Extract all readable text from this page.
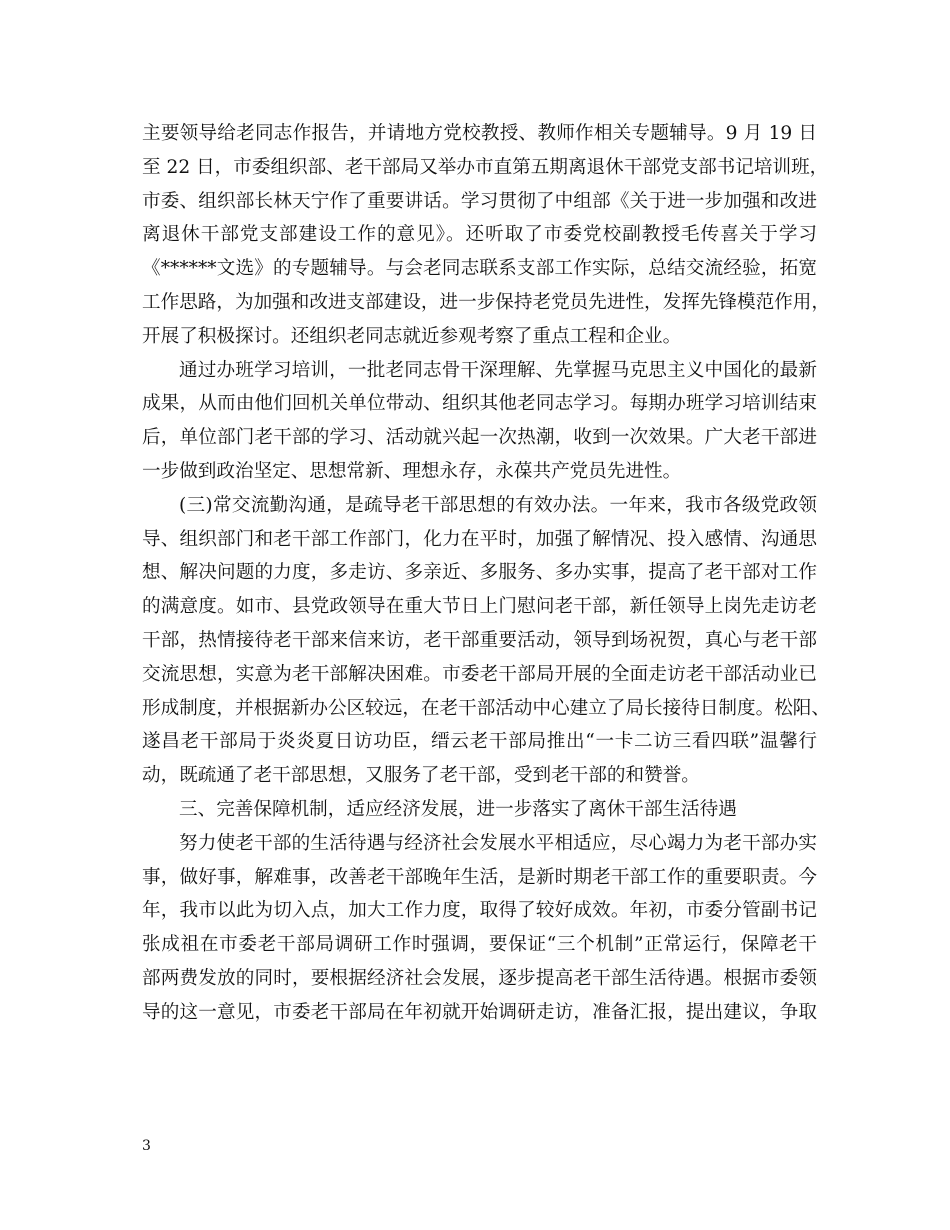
主要领导给老同志作报告，并请地方党校教授、教师作相关专题辅导。9 月 19 日
至 22 日，市委组织部、老干部局又举办市直第五期离退休干部党支部书记培训班，
市委、组织部长林天宁作了重要讲话。学习贯彻了中组部《关于进一步加强和改进
离退休干部党支部建设工作的意见》。还听取了市委党校副教授毛传喜关于学习
《******文选》的专题辅导。与会老同志联系支部工作实际，总结交流经验，拓宽
工作思路，为加强和改进支部建设，进一步保持老党员先进性，发挥先锋模范作用，
开展了积极探讨。还组织老同志就近参观考察了重点工程和企业。
通过办班学习培训，一批老同志骨干深理解、先掌握马克思主义中国化的最新
成果，从而由他们回机关单位带动、组织其他老同志学习。每期办班学习培训结束
后，单位部门老干部的学习、活动就兴起一次热潮，收到一次效果。广大老干部进
一步做到政治坚定、思想常新、理想永存，永葆共产党员先进性。
(三)常交流勤沟通，是疏导老干部思想的有效办法。一年来，我市各级党政领
导、组织部门和老干部工作部门，化力在平时，加强了解情况、投入感情、沟通思
想、解决问题的力度，多走访、多亲近、多服务、多办实事，提高了老干部对工作
的满意度。如市、县党政领导在重大节日上门慰问老干部，新任领导上岗先走访老
干部，热情接待老干部来信来访，老干部重要活动，领导到场祝贺，真心与老干部
交流思想，实意为老干部解决困难。市委老干部局开展的全面走访老干部活动业已
形成制度，并根据新办公区较远，在老干部活动中心建立了局长接待日制度。松阳、
遂昌老干部局于炎炎夏日访功臣，缙云老干部局推出“一卡二访三看四联”温馨行
动，既疏通了老干部思想，又服务了老干部，受到老干部的和赞誉。
三、完善保障机制，适应经济发展，进一步落实了离休干部生活待遇
努力使老干部的生活待遇与经济社会发展水平相适应，尽心竭力为老干部办实
事，做好事，解难事，改善老干部晚年生活，是新时期老干部工作的重要职责。今
年，我市以此为切入点，加大工作力度，取得了较好成效。年初，市委分管副书记
张成祖在市委老干部局调研工作时强调，要保证“三个机制”正常运行，保障老干
部两费发放的同时，要根据经济社会发展，逐步提高老干部生活待遇。根据市委领
导的这一意见，市委老干部局在年初就开始调研走访，准备汇报，提出建议，争取
3
